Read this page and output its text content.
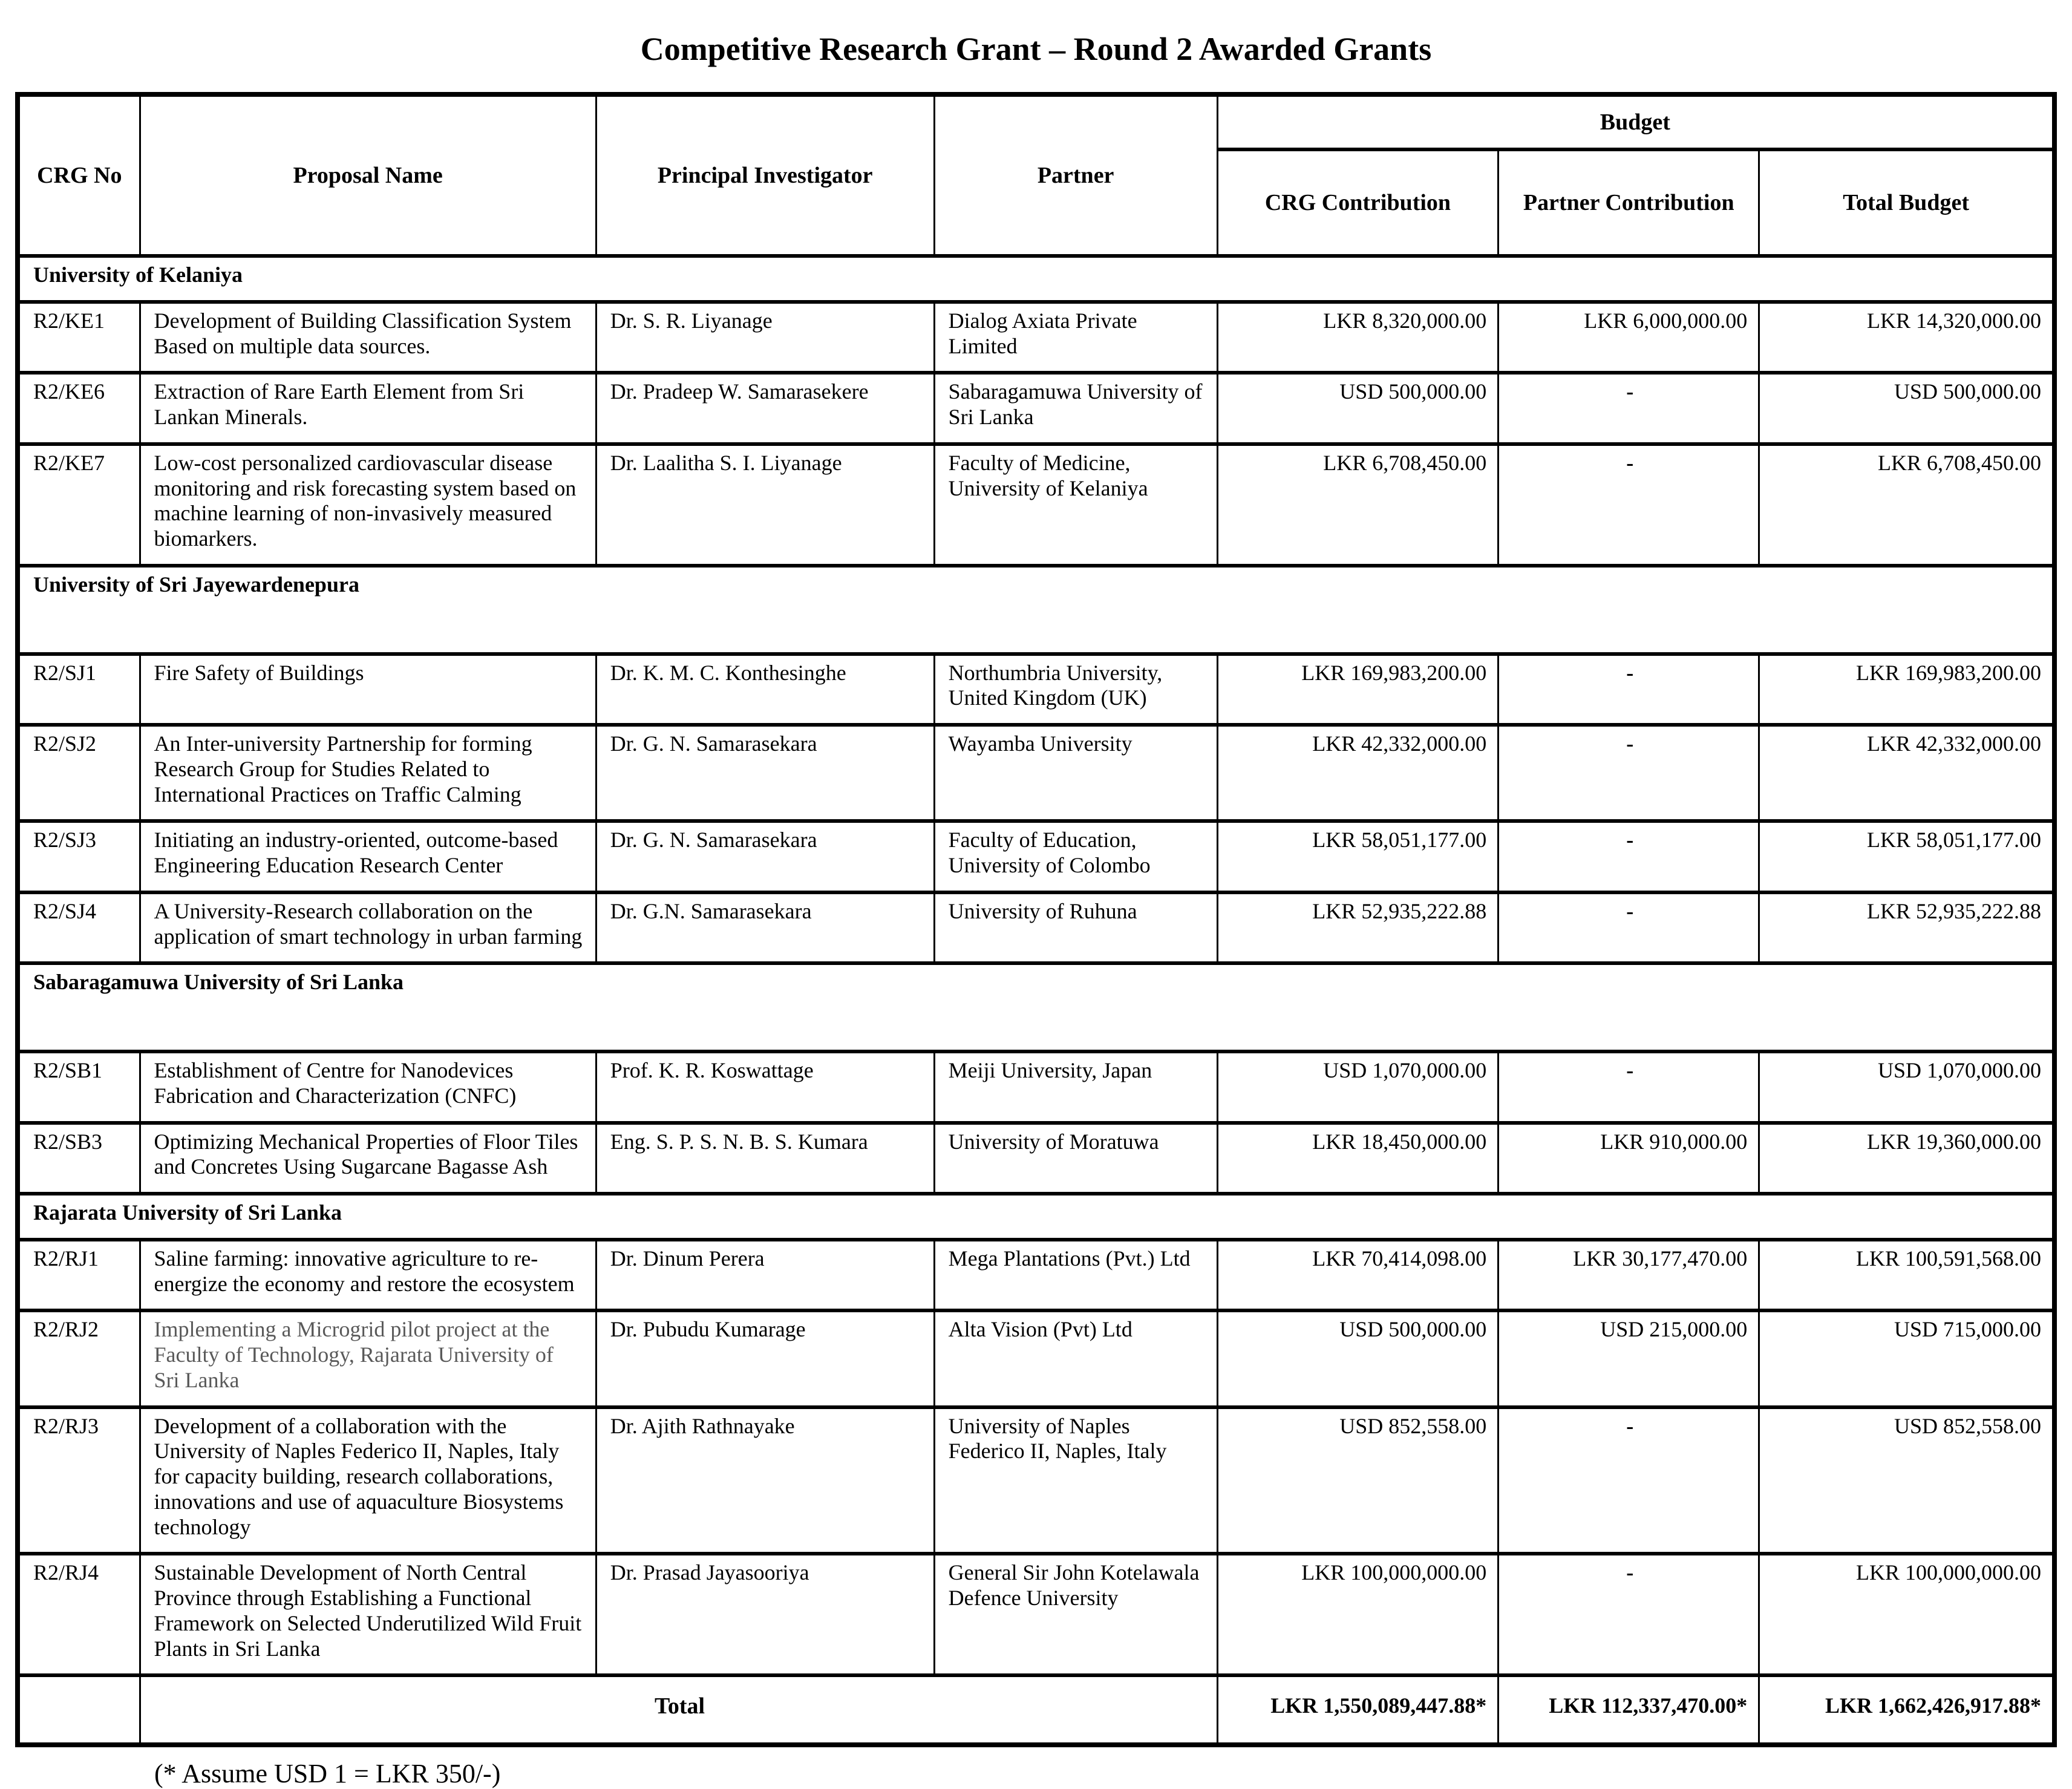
Competitive Research Grant – Round 2 Awarded Grants
CRG No	Proposal Name	Principal Investigator	Partner	Budget		
				CRG Contribution	Partner Contribution	Total Budget
University of Kelaniya						
R2/KE1	Development of Building Classification System Based on multiple data sources.	Dr. S. R. Liyanage	Dialog Axiata Private Limited	LKR 8,320,000.00	LKR 6,000,000.00	LKR 14,320,000.00
R2/KE6	Extraction of Rare Earth Element from Sri Lankan Minerals.	Dr. Pradeep W. Samarasekere	Sabaragamuwa University of Sri Lanka	USD 500,000.00	-	USD 500,000.00
R2/KE7	Low-cost personalized cardiovascular disease monitoring and risk forecasting system based on machine learning of non-invasively measured biomarkers.	Dr. Laalitha S. I. Liyanage	Faculty of Medicine, University of Kelaniya	LKR 6,708,450.00	-	LKR 6,708,450.00
University of Sri Jayewardenepura						
R2/SJ1	Fire Safety of Buildings	Dr. K. M. C. Konthesinghe	Northumbria University, United Kingdom (UK)	LKR 169,983,200.00	-	LKR 169,983,200.00
R2/SJ2	An Inter-university Partnership for forming Research Group for Studies Related to International Practices on Traffic Calming	Dr. G. N. Samarasekara	Wayamba University	LKR 42,332,000.00	-	LKR 42,332,000.00
R2/SJ3	Initiating an industry-oriented, outcome-based Engineering Education Research Center	Dr. G. N. Samarasekara	Faculty of Education, University of Colombo	LKR 58,051,177.00	-	LKR 58,051,177.00
R2/SJ4	A University-Research collaboration on the application of smart technology in urban farming	Dr. G.N. Samarasekara	University of Ruhuna	LKR 52,935,222.88	-	LKR 52,935,222.88
Sabaragamuwa University of Sri Lanka						
R2/SB1	Establishment of Centre for Nanodevices Fabrication and Characterization (CNFC)	Prof. K. R. Koswattage	Meiji University, Japan	USD 1,070,000.00	-	USD 1,070,000.00
R2/SB3	Optimizing Mechanical Properties of Floor Tiles and Concretes Using Sugarcane Bagasse Ash	Eng. S. P. S. N. B. S. Kumara	University of Moratuwa	LKR 18,450,000.00	LKR 910,000.00	LKR 19,360,000.00
Rajarata University of Sri Lanka						
R2/RJ1	Saline farming: innovative agriculture to re-energize the economy and restore the ecosystem	Dr. Dinum Perera	Mega Plantations (Pvt.) Ltd	LKR 70,414,098.00	LKR 30,177,470.00	LKR 100,591,568.00
R2/RJ2	Implementing a Microgrid pilot project at the Faculty of Technology, Rajarata University of Sri Lanka	Dr. Pubudu Kumarage	Alta Vision (Pvt) Ltd	USD 500,000.00	USD 215,000.00	USD 715,000.00
R2/RJ3	Development of a collaboration with the University of Naples Federico II, Naples, Italy for capacity building, research collaborations, innovations and use of aquaculture Biosystems technology	Dr. Ajith Rathnayake	University of Naples Federico II, Naples, Italy	USD 852,558.00	-	USD 852,558.00
R2/RJ4	Sustainable Development of North Central Province through Establishing a Functional Framework on Selected Underutilized Wild Fruit Plants in Sri Lanka	Dr. Prasad Jayasooriya	General Sir John Kotelawala Defence University	LKR 100,000,000.00	-	LKR 100,000,000.00
	Total			LKR 1,550,089,447.88*	LKR 112,337,470.00*	LKR 1,662,426,917.88*
(* Assume USD 1 = LKR 350/-)
